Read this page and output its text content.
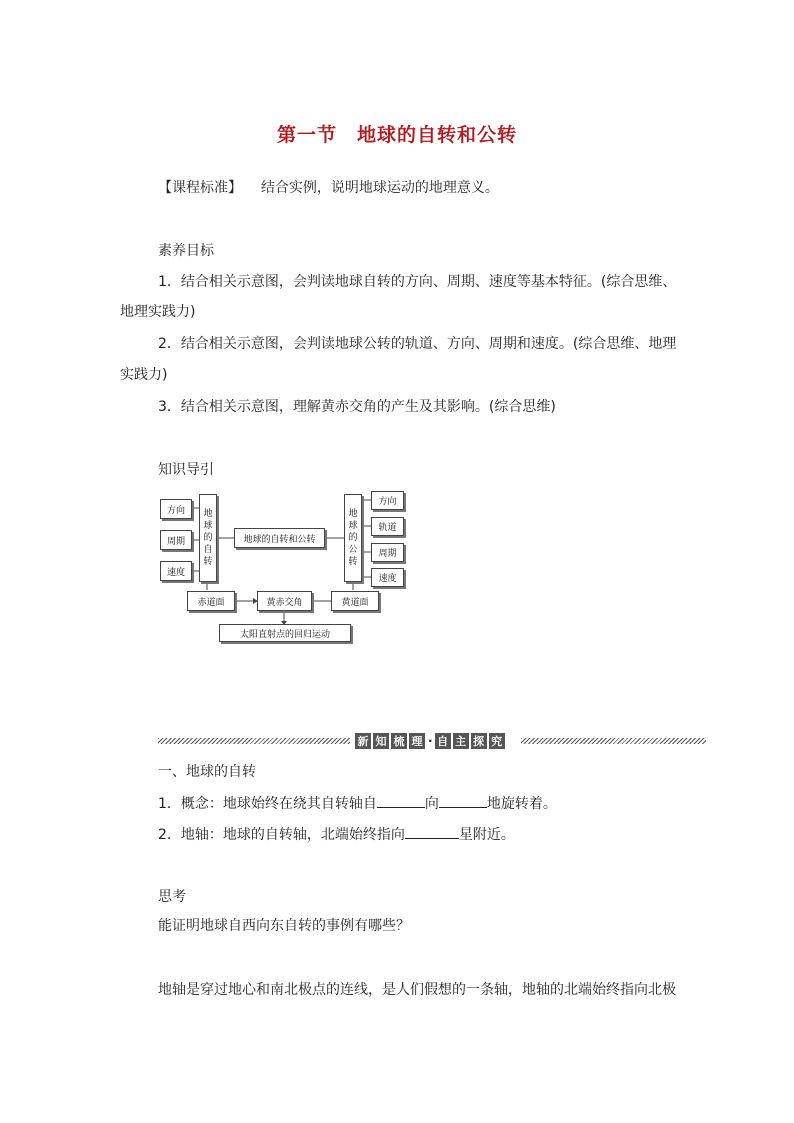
第一节　地球的自转和公转
【课程标准】 结合实例，说明地球运动的地理意义。
素养目标
1．结合相关示意图，会判读地球自转的方向、周期、速度等基本特征。(综合思维、
地理实践力)
2．结合相关示意图，会判读地球公转的轨道、方向、周期和速度。(综合思维、地理
实践力)
3．结合相关示意图，理解黄赤交角的产生及其影响。(综合思维)
知识导引
方向
周期
速度
地
球
的
自
转
地球的自转和公转
地
球
的
公
转
方向
轨道
周期
速度
赤道面	黄赤交角	黄道面
太阳直射点的回归运动
新 知 梳 理 · 自 主 探 究
一、地球的自转
1．概念：地球始终在绕其自转轴自	向	地旋转着。
2．地轴：地球的自转轴，北端始终指向	星附近。
思考
能证明地球自西向东自转的事例有哪些？
地轴是穿过地心和南北极点的连线，是人们假想的一条轴，地轴的北端始终指向北极
